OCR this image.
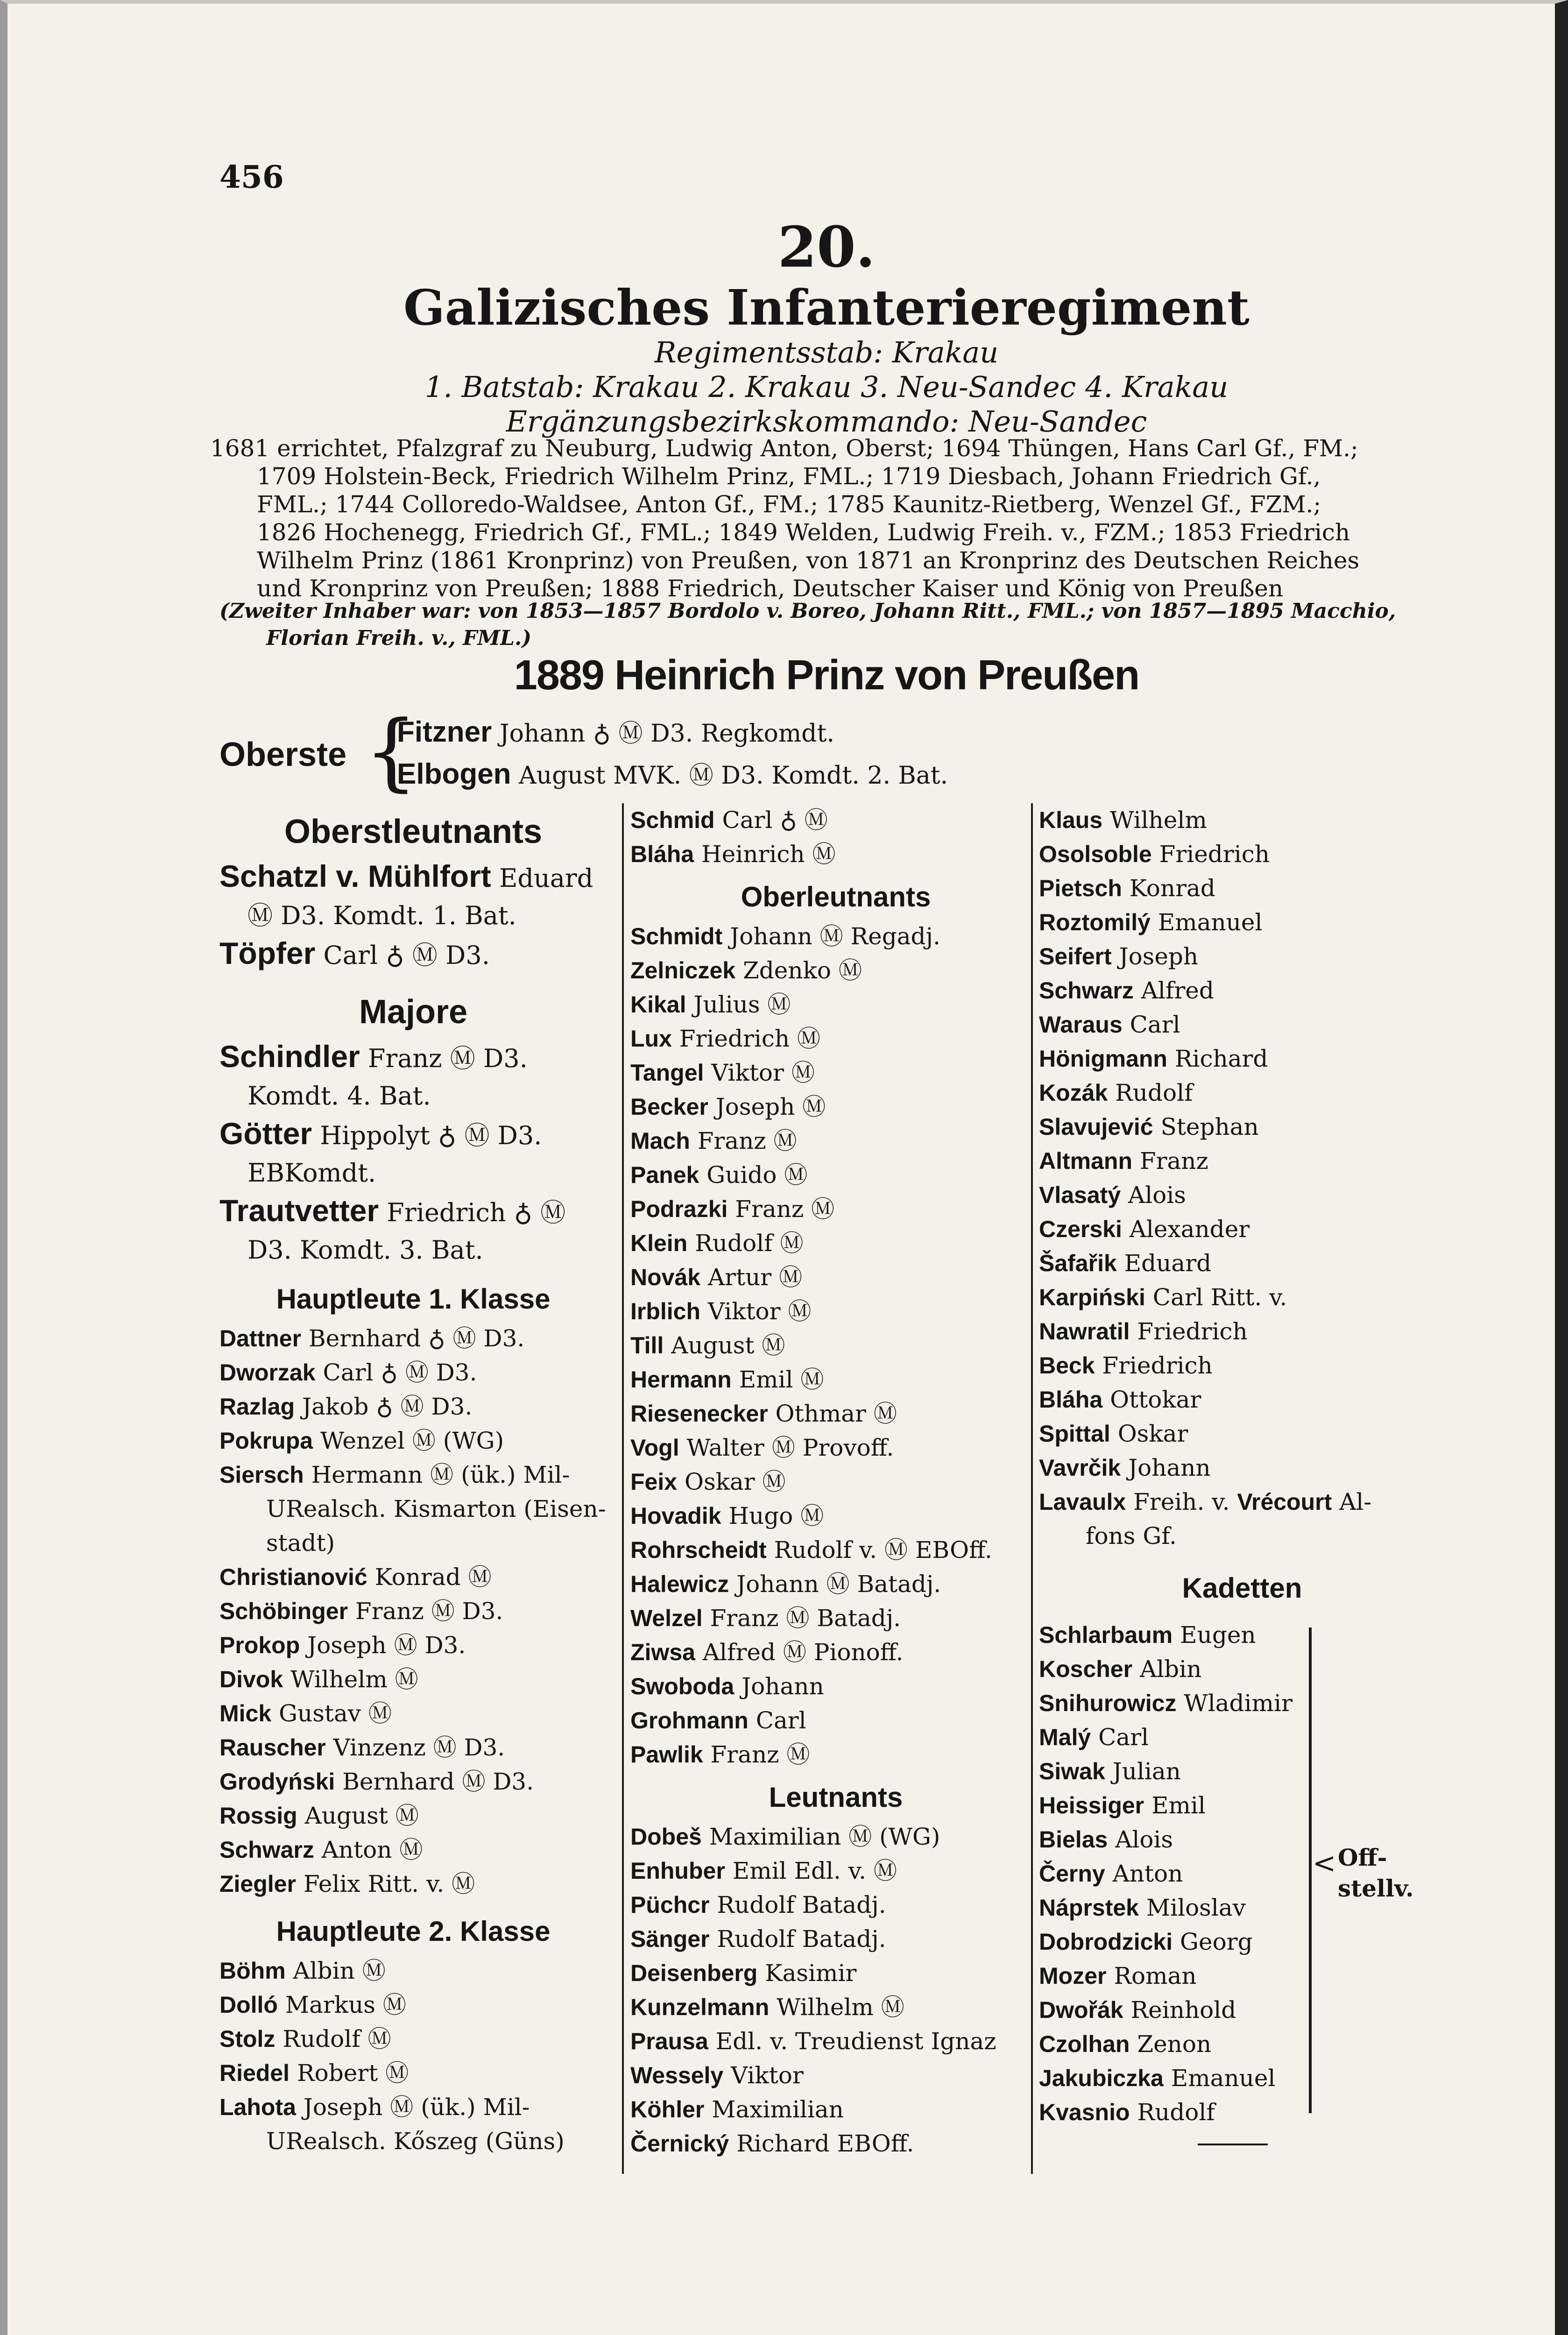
456
20.
Galizisches Infanterieregiment
Regimentsstab: Krakau
1. Batstab: Krakau 2. Krakau 3. Neu-Sandec 4. Krakau
Ergänzungsbezirkskommando: Neu-Sandec
1681 errichtet, Pfalzgraf zu Neuburg, Ludwig Anton, Oberst; 1694 Thüngen, Hans Carl Gf., FM.;
1709 Holstein-Beck, Friedrich Wilhelm Prinz, FML.; 1719 Diesbach, Johann Friedrich Gf.,
FML.; 1744 Colloredo-Waldsee, Anton Gf., FM.; 1785 Kaunitz-Rietberg, Wenzel Gf., FZM.;
1826 Hochenegg, Friedrich Gf., FML.; 1849 Welden, Ludwig Freih. v., FZM.; 1853 Friedrich
Wilhelm Prinz (1861 Kronprinz) von Preußen, von 1871 an Kronprinz des Deutschen Reiches
und Kronprinz von Preußen; 1888 Friedrich, Deutscher Kaiser und König von Preußen
(Zweiter Inhaber war: von 1853—1857 Bordolo v. Boreo, Johann Ritt., FML.; von 1857—1895 Macchio,
Florian Freih. v., FML.)
1889 Heinrich Prinz von Preußen
Oberste {
Fitzner Johann ♁ Ⓜ D3. Regkomdt.
Elbogen August MVK. Ⓜ D3. Komdt. 2. Bat.
Oberstleutnants
Schatzl v. Mühlfort Eduard
Ⓜ D3. Komdt. 1. Bat.
Töpfer Carl ♁ Ⓜ D3.
Majore
Schindler Franz Ⓜ D3.
Komdt. 4. Bat.
Götter Hippolyt ♁ Ⓜ D3.
EBKomdt.
Trautvetter Friedrich ♁ Ⓜ
D3. Komdt. 3. Bat.
Hauptleute 1. Klasse
Dattner Bernhard ♁ Ⓜ D3.
Dworzak Carl ♁ Ⓜ D3.
Razlag Jakob ♁ Ⓜ D3.
Pokrupa Wenzel Ⓜ (WG)
Siersch Hermann Ⓜ (ük.) Mil-
URealsch. Kismarton (Eisen-
stadt)
Christianović Konrad Ⓜ
Schöbinger Franz Ⓜ D3.
Prokop Joseph Ⓜ D3.
Divok Wilhelm Ⓜ
Mick Gustav Ⓜ
Rauscher Vinzenz Ⓜ D3.
Grodyński Bernhard Ⓜ D3.
Rossig August Ⓜ
Schwarz Anton Ⓜ
Ziegler Felix Ritt. v. Ⓜ
Hauptleute 2. Klasse
Böhm Albin Ⓜ
Dolló Markus Ⓜ
Stolz Rudolf Ⓜ
Riedel Robert Ⓜ
Lahota Joseph Ⓜ (ük.) Mil-
URealsch. Kőszeg (Güns)
Schmid Carl ♁ Ⓜ
Bláha Heinrich Ⓜ
Oberleutnants
Schmidt Johann Ⓜ Regadj.
Zelniczek Zdenko Ⓜ
Kikal Julius Ⓜ
Lux Friedrich Ⓜ
Tangel Viktor Ⓜ
Becker Joseph Ⓜ
Mach Franz Ⓜ
Panek Guido Ⓜ
Podrazki Franz Ⓜ
Klein Rudolf Ⓜ
Novák Artur Ⓜ
Irblich Viktor Ⓜ
Till August Ⓜ
Hermann Emil Ⓜ
Riesenecker Othmar Ⓜ
Vogl Walter Ⓜ Provoff.
Feix Oskar Ⓜ
Hovadik Hugo Ⓜ
Rohrscheidt Rudolf v. Ⓜ EBOff.
Halewicz Johann Ⓜ Batadj.
Welzel Franz Ⓜ Batadj.
Ziwsa Alfred Ⓜ Pionoff.
Swoboda Johann
Grohmann Carl
Pawlik Franz Ⓜ
Leutnants
Dobeš Maximilian Ⓜ (WG)
Enhuber Emil Edl. v. Ⓜ
Püchcr Rudolf Batadj.
Sänger Rudolf Batadj.
Deisenberg Kasimir
Kunzelmann Wilhelm Ⓜ
Prausa Edl. v. Treudienst Ignaz
Wessely Viktor
Köhler Maximilian
Černický Richard EBOff.
Klaus Wilhelm
Osolsoble Friedrich
Pietsch Konrad
Roztomilý Emanuel
Seifert Joseph
Schwarz Alfred
Waraus Carl
Hönigmann Richard
Kozák Rudolf
Slavujević Stephan
Altmann Franz
Vlasatý Alois
Czerski Alexander
Šafařik Eduard
Karpiński Carl Ritt. v.
Nawratil Friedrich
Beck Friedrich
Bláha Ottokar
Spittal Oskar
Vavrčik Johann
Lavaulx Freih. v. Vrécourt Al-
fons Gf.
Kadetten
Schlarbaum Eugen
Koscher Albin
Snihurowicz Wladimir
Malý Carl
Siwak Julian
Heissiger Emil
Bielas Alois
Černy Anton
Náprstek Miloslav
Dobrodzicki Georg
Mozer Roman
Dwořák Reinhold
Czolhan Zenon
Jakubiczka Emanuel
Kvasnio Rudolf
< Off-
stellv.
